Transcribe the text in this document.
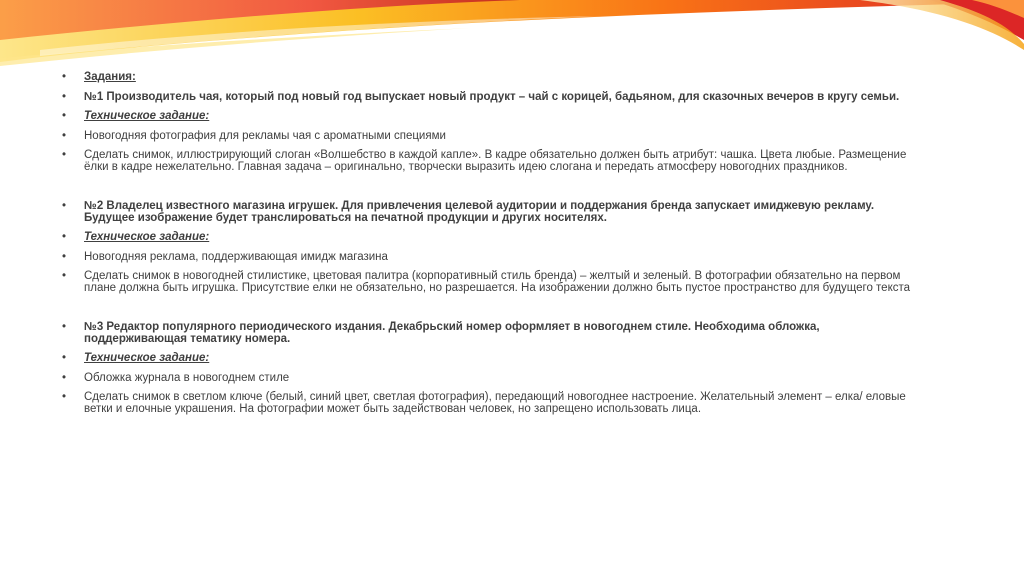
• Задания:
• №1 Производитель чая, который под новый год выпускает новый продукт – чай с корицей, бадьяном, для сказочных вечеров в кругу семьи.
• Техническое задание:
• Новогодняя фотография для рекламы чая с ароматными специями
• Сделать снимок, иллюстрирующий слоган «Волшебство в каждой капле». В кадре обязательно должен быть атрибут: чашка. Цвета любые. Размещение ёлки в кадре нежелательно. Главная задача – оригинально, творчески выразить идею слогана и передать атмосферу новогодних праздников.
• №2 Владелец известного магазина игрушек. Для привлечения целевой аудитории и поддержания бренда запускает имиджевую рекламу. Будущее изображение будет транслироваться на печатной продукции и других носителях.
• Техническое задание:
• Новогодняя реклама, поддерживающая имидж магазина
• Сделать снимок в новогодней стилистике, цветовая палитра (корпоративный стиль бренда) – желтый и зеленый. В фотографии обязательно на первом плане должна быть игрушка. Присутствие елки не обязательно, но разрешается. На изображении должно быть пустое пространство для будущего текста
• №3 Редактор популярного периодического издания. Декабрьский номер оформляет в новогоднем стиле. Необходима обложка, поддерживающая тематику номера.
• Техническое задание:
• Обложка журнала в новогоднем стиле
• Сделать снимок в светлом ключе (белый, синий цвет, светлая фотография), передающий новогоднее настроение. Желательный элемент – елка/ еловые ветки и елочные украшения. На фотографии может быть задействован человек, но запрещено использовать лица.
